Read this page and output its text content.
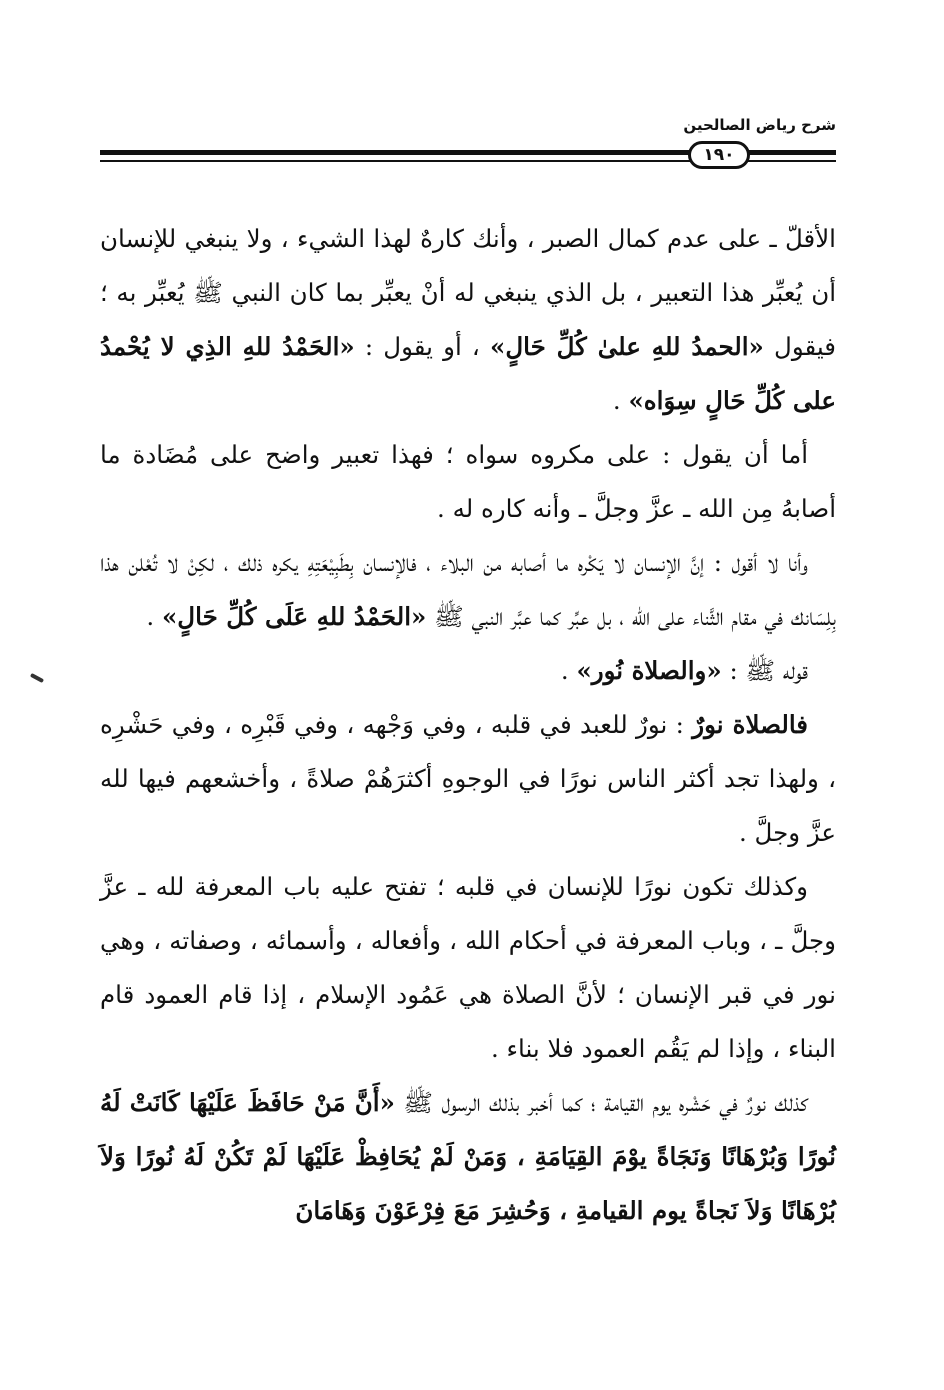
شرح رياض الصالحين
١٩٠

الأقلّ ـ على عدم كمال الصبر ، وأنك كارهٌ لهذا الشيء ، ولا ينبغي للإنسان أن يُعبِّر هذا التعبير ، بل الذي ينبغي له أنْ يعبِّر بما كان النبي ﷺ يُعبِّر به ؛ فيقول «الحمدُ للهِ علىٰ كُلِّ حَالٍ» ، أو يقول : «الحَمْدُ للهِ الذِي لا يُحْمدُ على كُلِّ حَالٍ سِوَاه» .

أما أن يقول : على مكروه سواه ؛ فهذا تعبير واضح على مُضَادة ما أصابهُ مِن الله ـ عزَّ وجلَّ ـ وأنه كاره له .

وأنا لا أقول : إنَّ الإنسان لا يَكْره ما أصابه من البلاء ، فالإنسان بِطَبِيْعَتِهِ يكره ذلك ، لكِنْ لا تُعْلن هذا بِلِسَانك في مقام الثَّناء على الله ، بل عبِّر كما عبَّر النبي ﷺ «الحَمْدُ للهِ عَلَى كُلِّ حَالٍ» .

قوله ﷺ : «والصلاة نُور» .

فالصلاة نورٌ : نورٌ للعبد في قلبه ، وفي وَجْهه ، وفي قَبْرِه ، وفي حَشْرِه ، ولهذا تجد أكثر الناس نورًا في الوجوهِ أكثرَهُمْ صلاةً ، وأخشعهم فيها لله عزَّ وجلَّ .

وكذلك تكون نورًا للإنسان في قلبه ؛ تفتح عليه باب المعرفة لله ـ عزَّ وجلَّ ـ ، وباب المعرفة في أحكام الله ، وأفعاله ، وأسمائه ، وصفاته ، وهي نور في قبر الإنسان ؛ لأنَّ الصلاة هي عَمُود الإسلام ، إذا قام العمود قام البناء ، وإذا لم يَقُم العمود فلا بناء .

كذلك نورٌ في حَشْره يوم القيامة ؛ كما أخبر بذلك الرسول ﷺ «أَنَّ مَنْ حَافَظَ عَلَيْهَا كَانَتْ لَهُ نُورًا وَبُرْهَانًا وَنَجَاةً يوْمَ القِيَامَةِ ، وَمَنْ لَمْ يُحَافِظْ عَلَيْهَا لَمْ تَكُنْ لَهُ نُورًا وَلاَ بُرْهَانًا وَلاَ نَجاةً يوم القيامةِ ، وَحُشِرَ مَعَ فِرْعَوْنَ وَهَامَانَ
